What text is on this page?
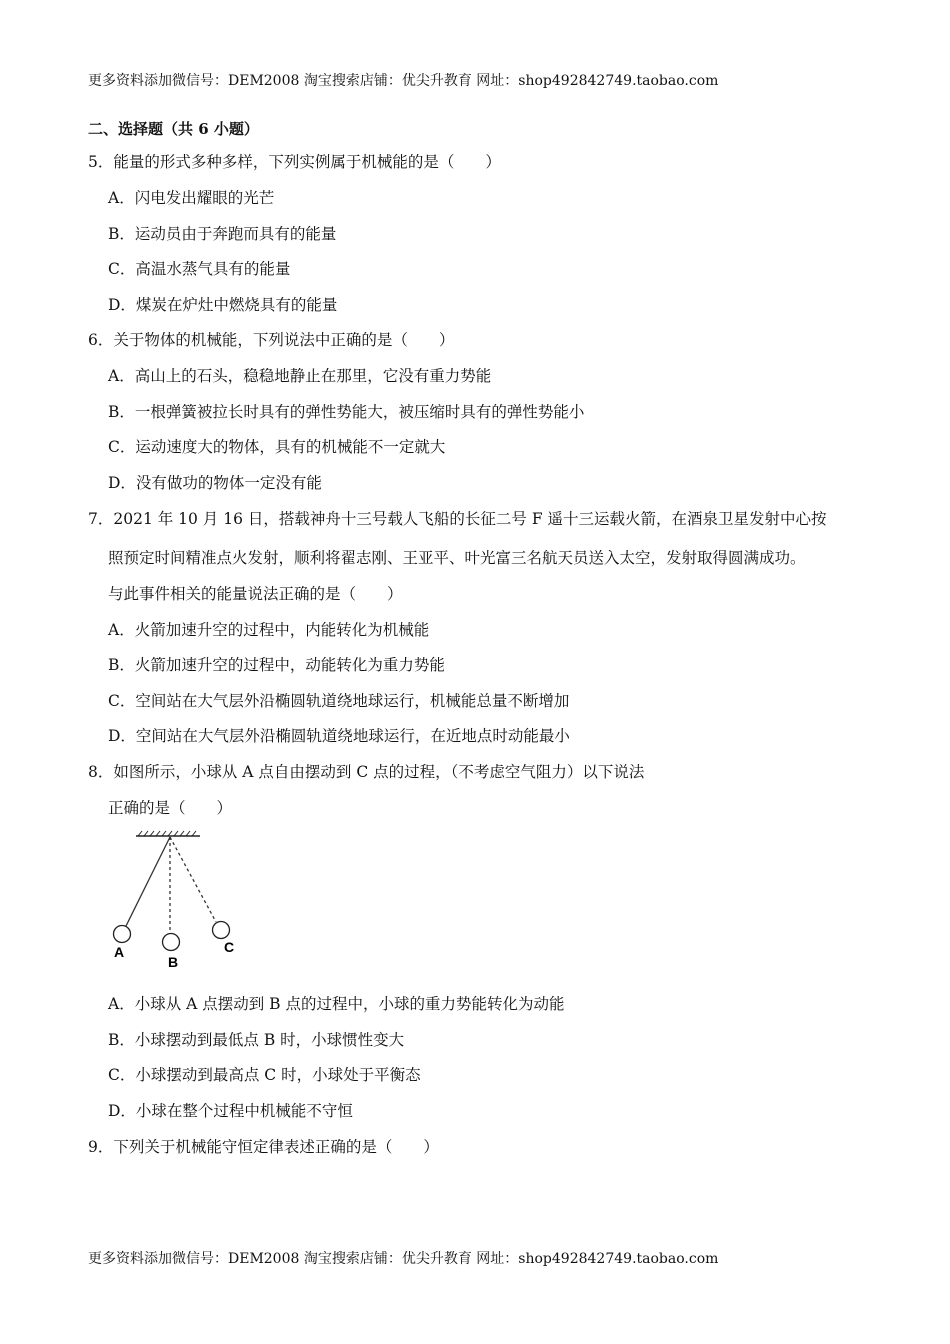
更多资料添加微信号：DEM2008 淘宝搜索店铺：优尖升教育 网址：shop492842749.taobao.com
二、选择题（共 6 小题）
5．能量的形式多种多样，下列实例属于机械能的是（　　）
A．闪电发出耀眼的光芒
B．运动员由于奔跑而具有的能量
C．高温水蒸气具有的能量
D．煤炭在炉灶中燃烧具有的能量
6．关于物体的机械能，下列说法中正确的是（　　）
A．高山上的石头，稳稳地静止在那里，它没有重力势能
B．一根弹簧被拉长时具有的弹性势能大，被压缩时具有的弹性势能小
C．运动速度大的物体，具有的机械能不一定就大
D．没有做功的物体一定没有能
7．2021 年 10 月 16 日，搭载神舟十三号载人飞船的长征二号 F 遥十三运载火箭，在酒泉卫星发射中心按
照预定时间精准点火发射，顺利将翟志刚、王亚平、叶光富三名航天员送入太空，发射取得圆满成功。
与此事件相关的能量说法正确的是（　　）
A．火箭加速升空的过程中，内能转化为机械能
B．火箭加速升空的过程中，动能转化为重力势能
C．空间站在大气层外沿椭圆轨道绕地球运行，机械能总量不断增加
D．空间站在大气层外沿椭圆轨道绕地球运行，在近地点时动能最小
8．如图所示，小球从 A 点自由摆动到 C 点的过程，（不考虑空气阻力）以下说法
正确的是（　　）
A
B
C
A．小球从 A 点摆动到 B 点的过程中，小球的重力势能转化为动能
B．小球摆动到最低点 B 时，小球惯性变大
C．小球摆动到最高点 C 时，小球处于平衡态
D．小球在整个过程中机械能不守恒
9．下列关于机械能守恒定律表述正确的是（　　）
更多资料添加微信号：DEM2008 淘宝搜索店铺：优尖升教育 网址：shop492842749.taobao.com
